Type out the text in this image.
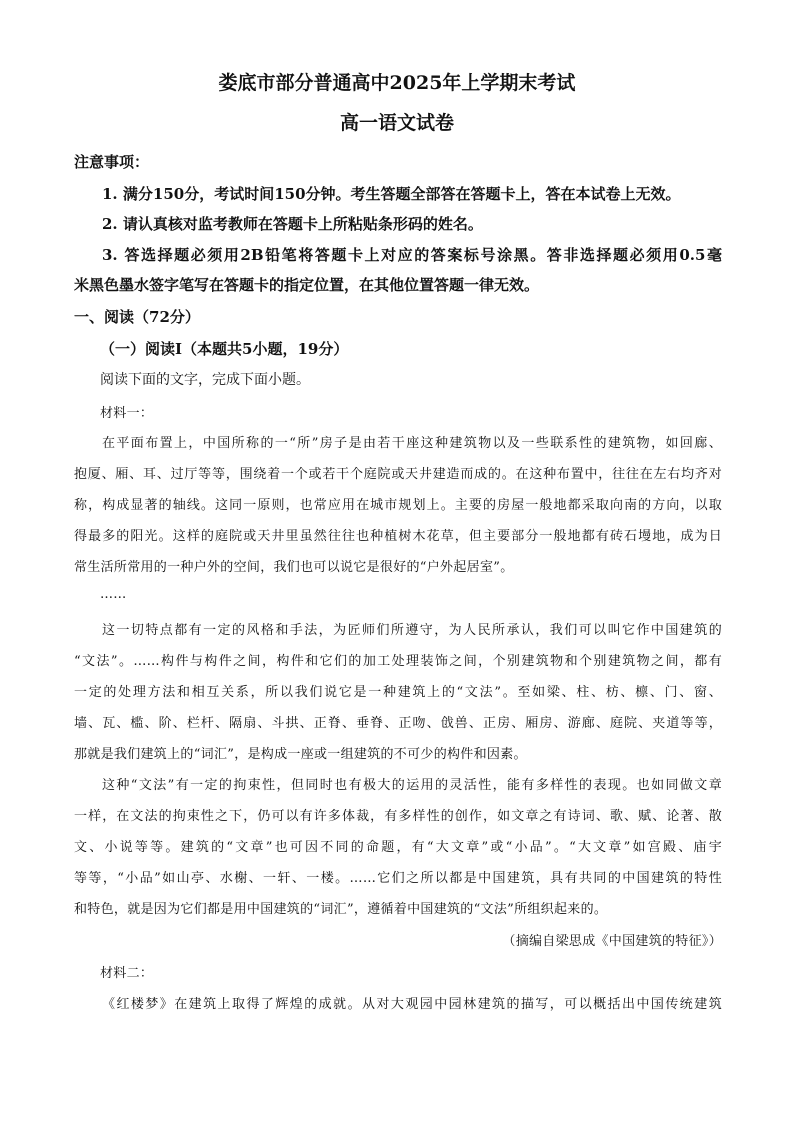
娄底市部分普通高中2025年上学期末考试
高一语文试卷
注意事项：
1. 满分150分，考试时间150分钟。考生答题全部答在答题卡上，答在本试卷上无效。
2. 请认真核对监考教师在答题卡上所粘贴条形码的姓名。
3. 答选择题必须用2B铅笔将答题卡上对应的答案标号涂黑。答非选择题必须用0.5毫
米黑色墨水签字笔写在答题卡的指定位置，在其他位置答题一律无效。
一、阅读（72分）
（一）阅读Ⅰ（本题共5小题，19分）
阅读下面的文字，完成下面小题。
材料一：
在平面布置上，中国所称的一“所”房子是由若干座这种建筑物以及一些联系性的建筑物，如回廊、
抱厦、厢、耳、过厅等等，围绕着一个或若干个庭院或天井建造而成的。在这种布置中，往往在左右均齐对
称，构成显著的轴线。这同一原则，也常应用在城市规划上。主要的房屋一般地都采取向南的方向，以取
得最多的阳光。这样的庭院或天井里虽然往往也种植树木花草，但主要部分一般地都有砖石墁地，成为日
常生活所常用的一种户外的空间，我们也可以说它是很好的“户外起居室”。
……
这一切特点都有一定的风格和手法，为匠师们所遵守，为人民所承认，我们可以叫它作中国建筑的
“文法”。……构件与构件之间，构件和它们的加工处理装饰之间，个别建筑物和个别建筑物之间，都有
一定的处理方法和相互关系，所以我们说它是一种建筑上的“文法”。至如梁、柱、枋、檩、门、窗、
墙、瓦、槛、阶、栏杆、隔扇、斗拱、正脊、垂脊、正吻、戗兽、正房、厢房、游廊、庭院、夹道等等，
那就是我们建筑上的“词汇”，是构成一座或一组建筑的不可少的构件和因素。
这种“文法”有一定的拘束性，但同时也有极大的运用的灵活性，能有多样性的表现。也如同做文章
一样，在文法的拘束性之下，仍可以有许多体裁，有多样性的创作，如文章之有诗词、歌、赋、论著、散
文、小说等等。建筑的“文章”也可因不同的命题，有“大文章”或“小品”。“大文章”如宫殿、庙宇
等等，“小品”如山亭、水榭、一轩、一楼。……它们之所以都是中国建筑，具有共同的中国建筑的特性
和特色，就是因为它们都是用中国建筑的“词汇”，遵循着中国建筑的“文法”所组织起来的。
（摘编自梁思成《中国建筑的特征》）
材料二：
《红楼梦》在建筑上取得了辉煌的成就。从对大观园中园林建筑的描写，可以概括出中国传统建筑
